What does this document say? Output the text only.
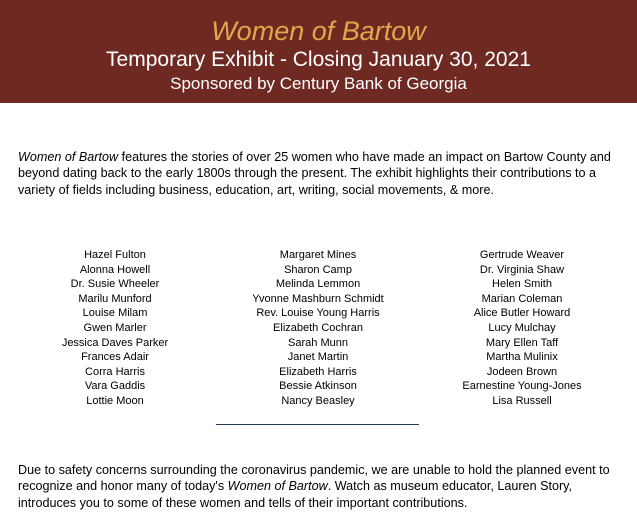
Women of Bartow
Temporary Exhibit - Closing January 30, 2021
Sponsored by Century Bank of Georgia

Women of Bartow features the stories of over 25 women who have made an impact on Bartow County and beyond dating back to the early 1800s through the present. The exhibit highlights their contributions to a variety of fields including business, education, art, writing, social movements, & more.

Hazel Fulton
Alonna Howell
Dr. Susie Wheeler
Marilu Munford
Louise Milam
Gwen Marler
Jessica Daves Parker
Frances Adair
Corra Harris
Vara Gaddis
Lottie Moon
Margaret Mines
Sharon Camp
Melinda Lemmon
Yvonne Mashburn Schmidt
Rev. Louise Young Harris
Elizabeth Cochran
Sarah Munn
Janet Martin
Elizabeth Harris
Bessie Atkinson
Nancy Beasley
Gertrude Weaver
Dr. Virginia Shaw
Helen Smith
Marian Coleman
Alice Butler Howard
Lucy Mulchay
Mary Ellen Taff
Martha Mulinix
Jodeen Brown
Earnestine Young-Jones
Lisa Russell

Due to safety concerns surrounding the coronavirus pandemic, we are unable to hold the planned event to recognize and honor many of today's Women of Bartow. Watch as museum educator, Lauren Story, introduces you to some of these women and tells of their important contributions.
